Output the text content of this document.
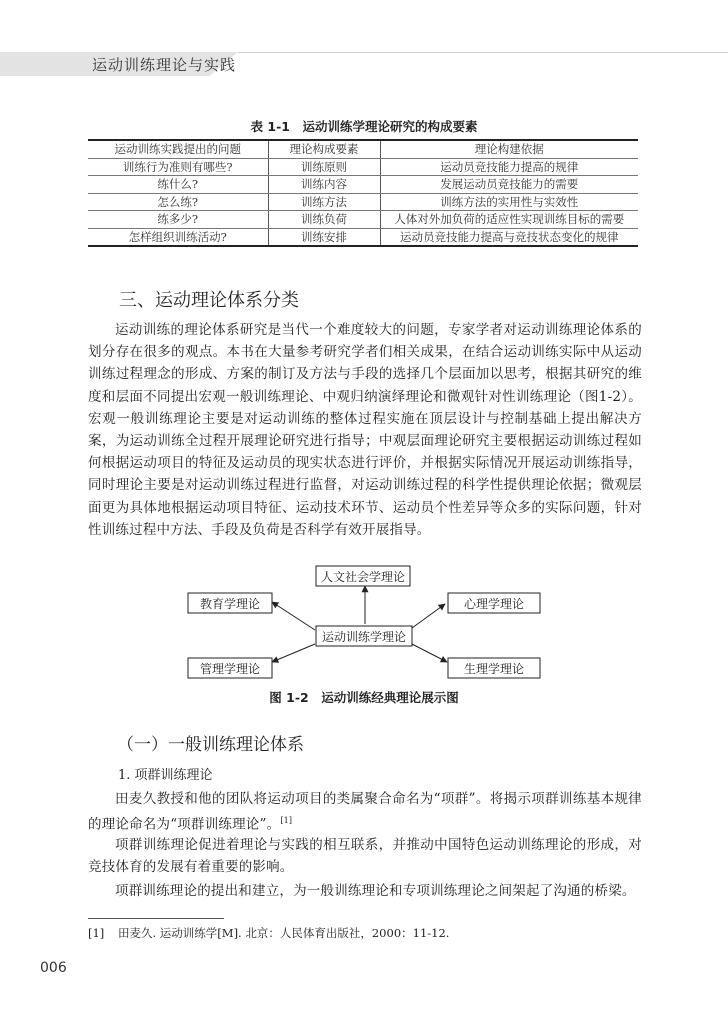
运动训练理论与实践
表 1-1　运动训练学理论研究的构成要素
运动训练实践提出的问题	理论构成要素	理论构建依据
训练行为准则有哪些?	训练原则	运动员竞技能力提高的规律
练什么?	训练内容	发展运动员竞技能力的需要
怎么练?	训练方法	训练方法的实用性与实效性
练多少?	训练负荷	人体对外加负荷的适应性实现训练目标的需要
怎样组织训练活动?	训练安排	运动员竞技能力提高与竞技状态变化的规律
三、运动理论体系分类

运动训练的理论体系研究是当代一个难度较大的问题，专家学者对运动训练理论体系的划分存在很多的观点。本书在大量参考研究学者们相关成果，在结合运动训练实际中从运动训练过程理念的形成、方案的制订及方法与手段的选择几个层面加以思考，根据其研究的维度和层面不同提出宏观一般训练理论、中观归纳演绎理论和微观针对性训练理论（图1-2）。宏观一般训练理论主要是对运动训练的整体过程实施在顶层设计与控制基础上提出解决方案，为运动训练全过程开展理论研究进行指导；中观层面理论研究主要根据运动训练过程如何根据运动项目的特征及运动员的现实状态进行评价，并根据实际情况开展运动训练指导，同时理论主要是对运动训练过程进行监督，对运动训练过程的科学性提供理论依据；微观层面更为具体地根据运动项目特征、运动技术环节、运动员个性差异等众多的实际问题，针对性训练过程中方法、手段及负荷是否科学有效开展指导。

人文社会学理论
教育学理论	心理学理论
运动训练学理论
管理学理论	生理学理论
图 1-2　运动训练经典理论展示图
（一）一般训练理论体系
1. 项群训练理论

田麦久教授和他的团队将运动项目的类属聚合命名为“项群”。将揭示项群训练基本规律的理论命名为“项群训练理论”。[1]

项群训练理论促进着理论与实践的相互联系，并推动中国特色运动训练理论的形成，对竞技体育的发展有着重要的影响。

项群训练理论的提出和建立，为一般训练理论和专项训练理论之间架起了沟通的桥梁。

[1] 田麦久. 运动训练学[M]. 北京：人民体育出版社，2000：11-12.
006
